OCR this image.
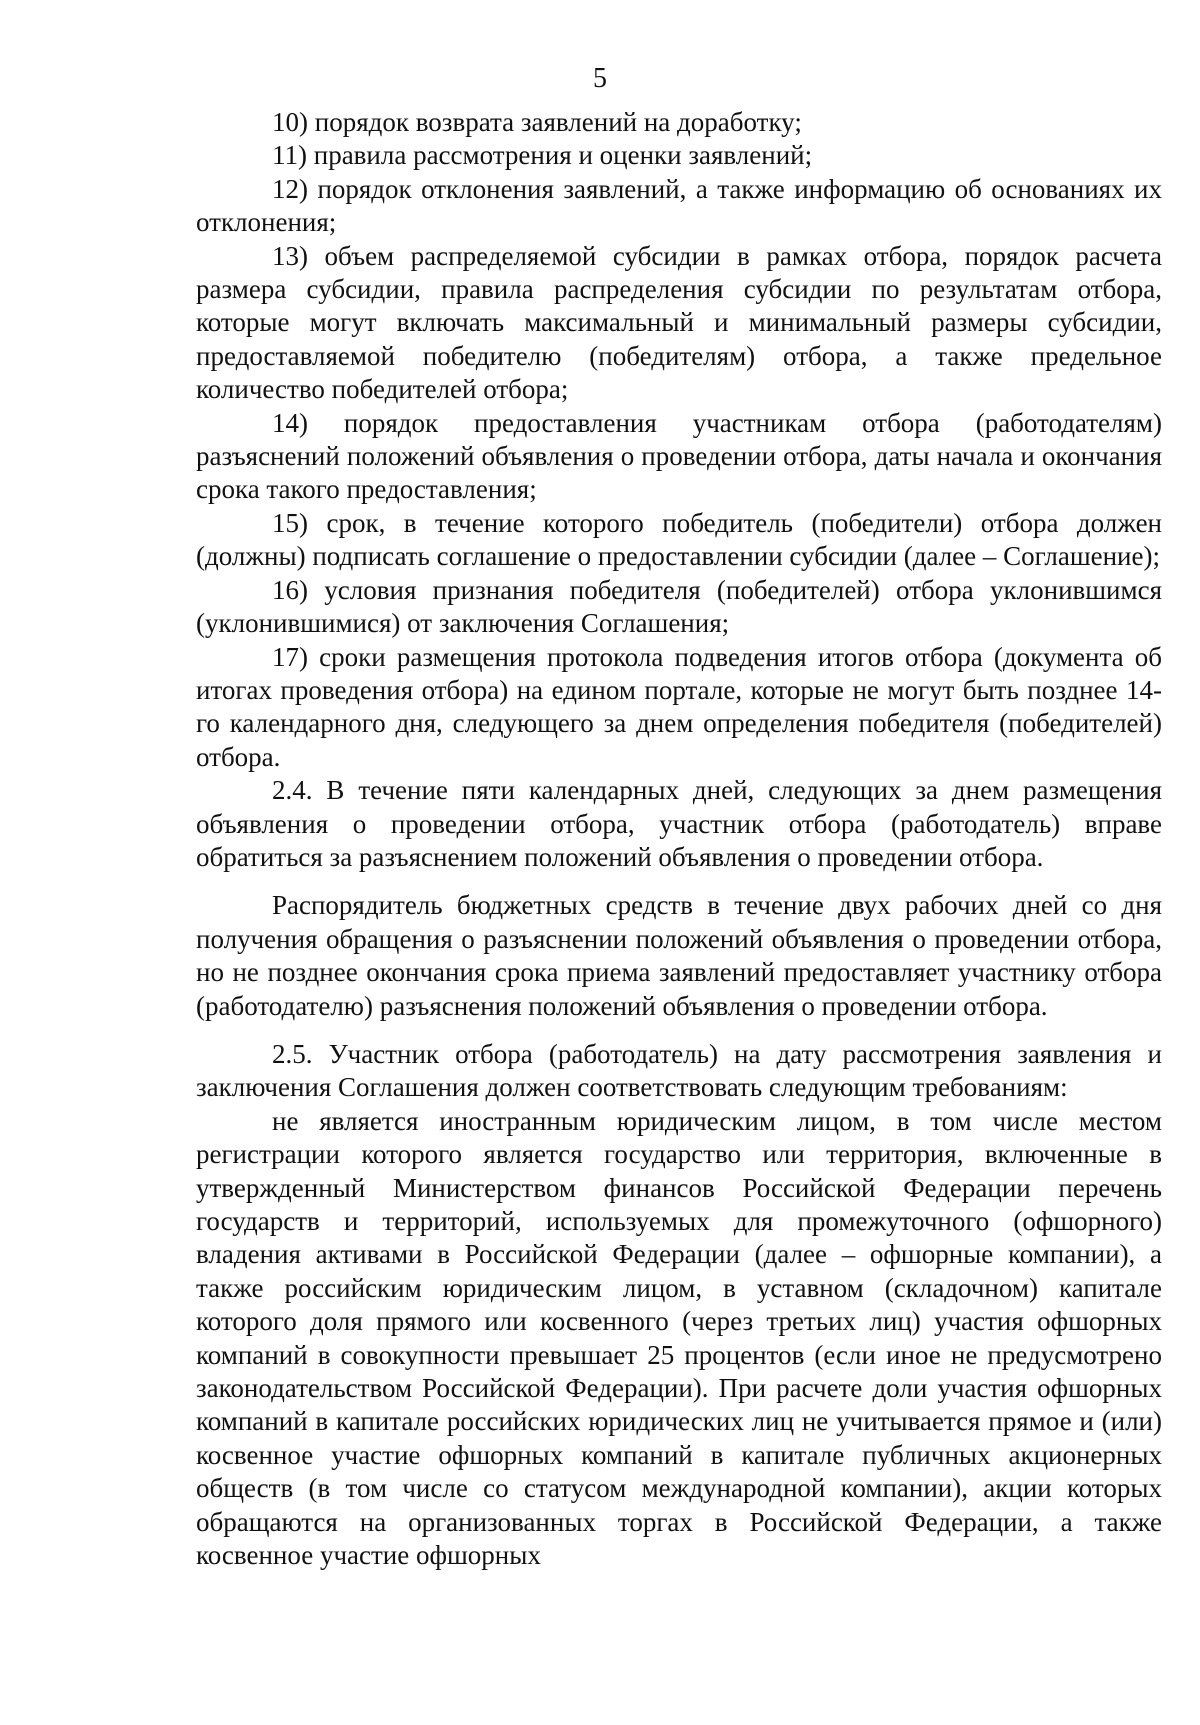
5

10) порядок возврата заявлений на доработку;

11) правила рассмотрения и оценки заявлений;

12) порядок отклонения заявлений, а также информацию об основаниях их отклонения;

13) объем распределяемой субсидии в рамках отбора, порядок расчета размера субсидии, правила распределения субсидии по результатам отбора, которые могут включать максимальный и минимальный размеры субсидии, предоставляемой победителю (победителям) отбора, а также предельное количество победителей отбора;

14) порядок предоставления участникам отбора (работодателям) разъяснений положений объявления о проведении отбора, даты начала и окончания срока такого предоставления;

15) срок, в течение которого победитель (победители) отбора должен (должны) подписать соглашение о предоставлении субсидии (далее – Соглашение);

16) условия признания победителя (победителей) отбора уклонившимся (уклонившимися) от заключения Соглашения;

17) сроки размещения протокола подведения итогов отбора (документа об итогах проведения отбора) на едином портале, которые не могут быть позднее 14-го календарного дня, следующего за днем определения победителя (победителей) отбора.

2.4. В течение пяти календарных дней, следующих за днем размещения объявления о проведении отбора, участник отбора (работодатель) вправе обратиться за разъяснением положений объявления о проведении отбора.

Распорядитель бюджетных средств в течение двух рабочих дней со дня получения обращения о разъяснении положений объявления о проведении отбора, но не позднее окончания срока приема заявлений предоставляет участнику отбора (работодателю) разъяснения положений объявления о проведении отбора.

2.5. Участник отбора (работодатель) на дату рассмотрения заявления и заключения Соглашения должен соответствовать следующим требованиям:

не является иностранным юридическим лицом, в том числе местом регистрации которого является государство или территория, включенные в утвержденный Министерством финансов Российской Федерации перечень государств и территорий, используемых для промежуточного (офшорного) владения активами в Российской Федерации (далее – офшорные компании), а также российским юридическим лицом, в уставном (складочном) капитале которого доля прямого или косвенного (через третьих лиц) участия офшорных компаний в совокупности превышает 25 процентов (если иное не предусмотрено законодательством Российской Федерации). При расчете доли участия офшорных компаний в капитале российских юридических лиц не учитывается прямое и (или) косвенное участие офшорных компаний в капитале публичных акционерных обществ (в том числе со статусом международной компании), акции которых обращаются на организованных торгах в Российской Федерации, а также косвенное участие офшорных
